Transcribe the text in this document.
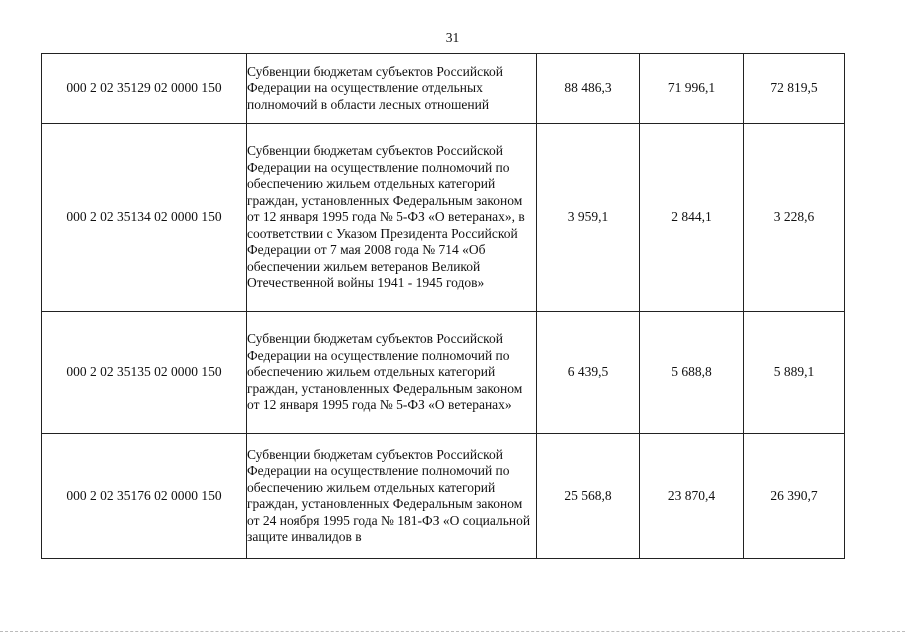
31
000 2 02 35129 02 0000 150	Субвенции бюджетам субъектов Российской Федерации на осуществление отдельных полномочий в области лесных отношений	88 486,3	71 996,1	72 819,5
000 2 02 35134 02 0000 150	Субвенции бюджетам субъектов Российской Федерации на осуществление полномочий по обеспечению жильем отдельных категорий граждан, установленных Федеральным законом от 12 января 1995 года № 5-ФЗ «О ветеранах», в соответствии с Указом Президента Российской Федерации от 7 мая 2008 года № 714 «Об обеспечении жильем ветеранов Великой Отечественной войны 1941 - 1945 годов»	3 959,1	2 844,1	3 228,6
000 2 02 35135 02 0000 150	Субвенции бюджетам субъектов Российской Федерации на осуществление полномочий по обеспечению жильем отдельных категорий граждан, установленных Федеральным законом от 12 января 1995 года № 5-ФЗ «О ветеранах»	6 439,5	5 688,8	5 889,1
000 2 02 35176 02 0000 150	Субвенции бюджетам субъектов Российской Федерации на осуществление полномочий по обеспечению жильем отдельных категорий граждан, установленных Федеральным законом от 24 ноября 1995 года № 181-ФЗ «О социальной защите инвалидов в	25 568,8	23 870,4	26 390,7
